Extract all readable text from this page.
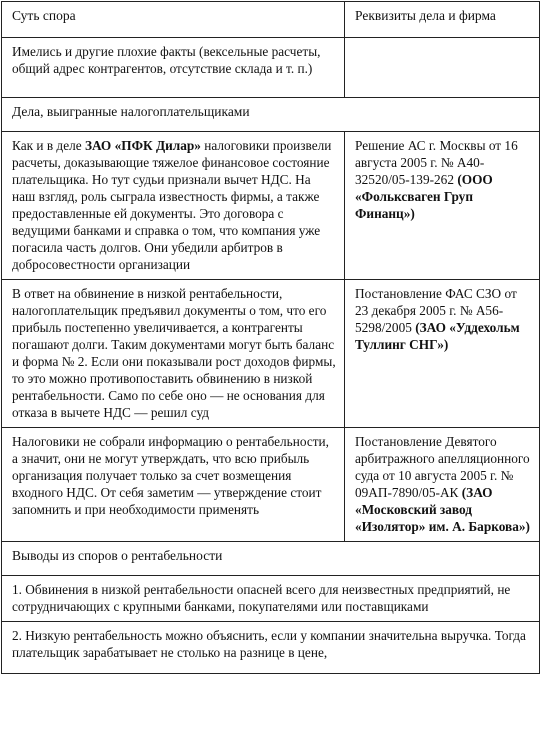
Суть спора	Реквизиты дела и фирма
Имелись и другие плохие факты (вексельные расчеты, общий адрес контрагентов, отсутствие склада и т. п.)	
Дела, выигранные налогоплательщиками	
Как и в деле ЗАО «ПФК Дилар» налоговики произвели расчеты, доказывающие тяжелое финансовое состояние плательщика. Но тут судьи признали вычет НДС. На наш взгляд, роль сыграла известность фирмы, а также предоставленные ей документы. Это договора с ведущими банками и справка о том, что компания уже погасила часть долгов. Они убедили арбитров в добросовестности организации	Решение АС г. Москвы от 16 августа 2005 г. № А40-32520/05-139-262 (ООО «Фольксваген Груп Финанц»)
В ответ на обвинение в низкой рентабельности, налогоплательщик предъявил документы о том, что его прибыль постепенно увеличивается, а контрагенты погашают долги. Таким документами могут быть баланс и форма № 2. Если они показывали рост доходов фирмы, то это можно противопоставить обвинению в низкой рентабельности. Само по себе оно — не основания для отказа в вычете НДС — решил суд	Постановление ФАС СЗО от 23 декабря 2005 г. № А56-5298/2005 (ЗАО «Уддехольм Туллинг СНГ»)
Налоговики не собрали информацию о рентабельности, а значит, они не могут утверждать, что всю прибыль организация получает только за счет возмещения входного НДС. От себя заметим — утверждение стоит запомнить и при необходимости применять	Постановление Девятого арбитражного апелляционного суда от 10 августа 2005 г. № 09АП-7890/05-АК (ЗАО «Московский завод «Изолятор» им. А. Баркова»)
Выводы из споров о рентабельности	
1. Обвинения в низкой рентабельности опасней всего для неизвестных предприятий, не сотрудничающих с крупными банками, покупателями или поставщиками	
2. Низкую рентабельность можно объяснить, если у компании значительна выручка. Тогда плательщик зарабатывает не столько на разнице в цене,	
